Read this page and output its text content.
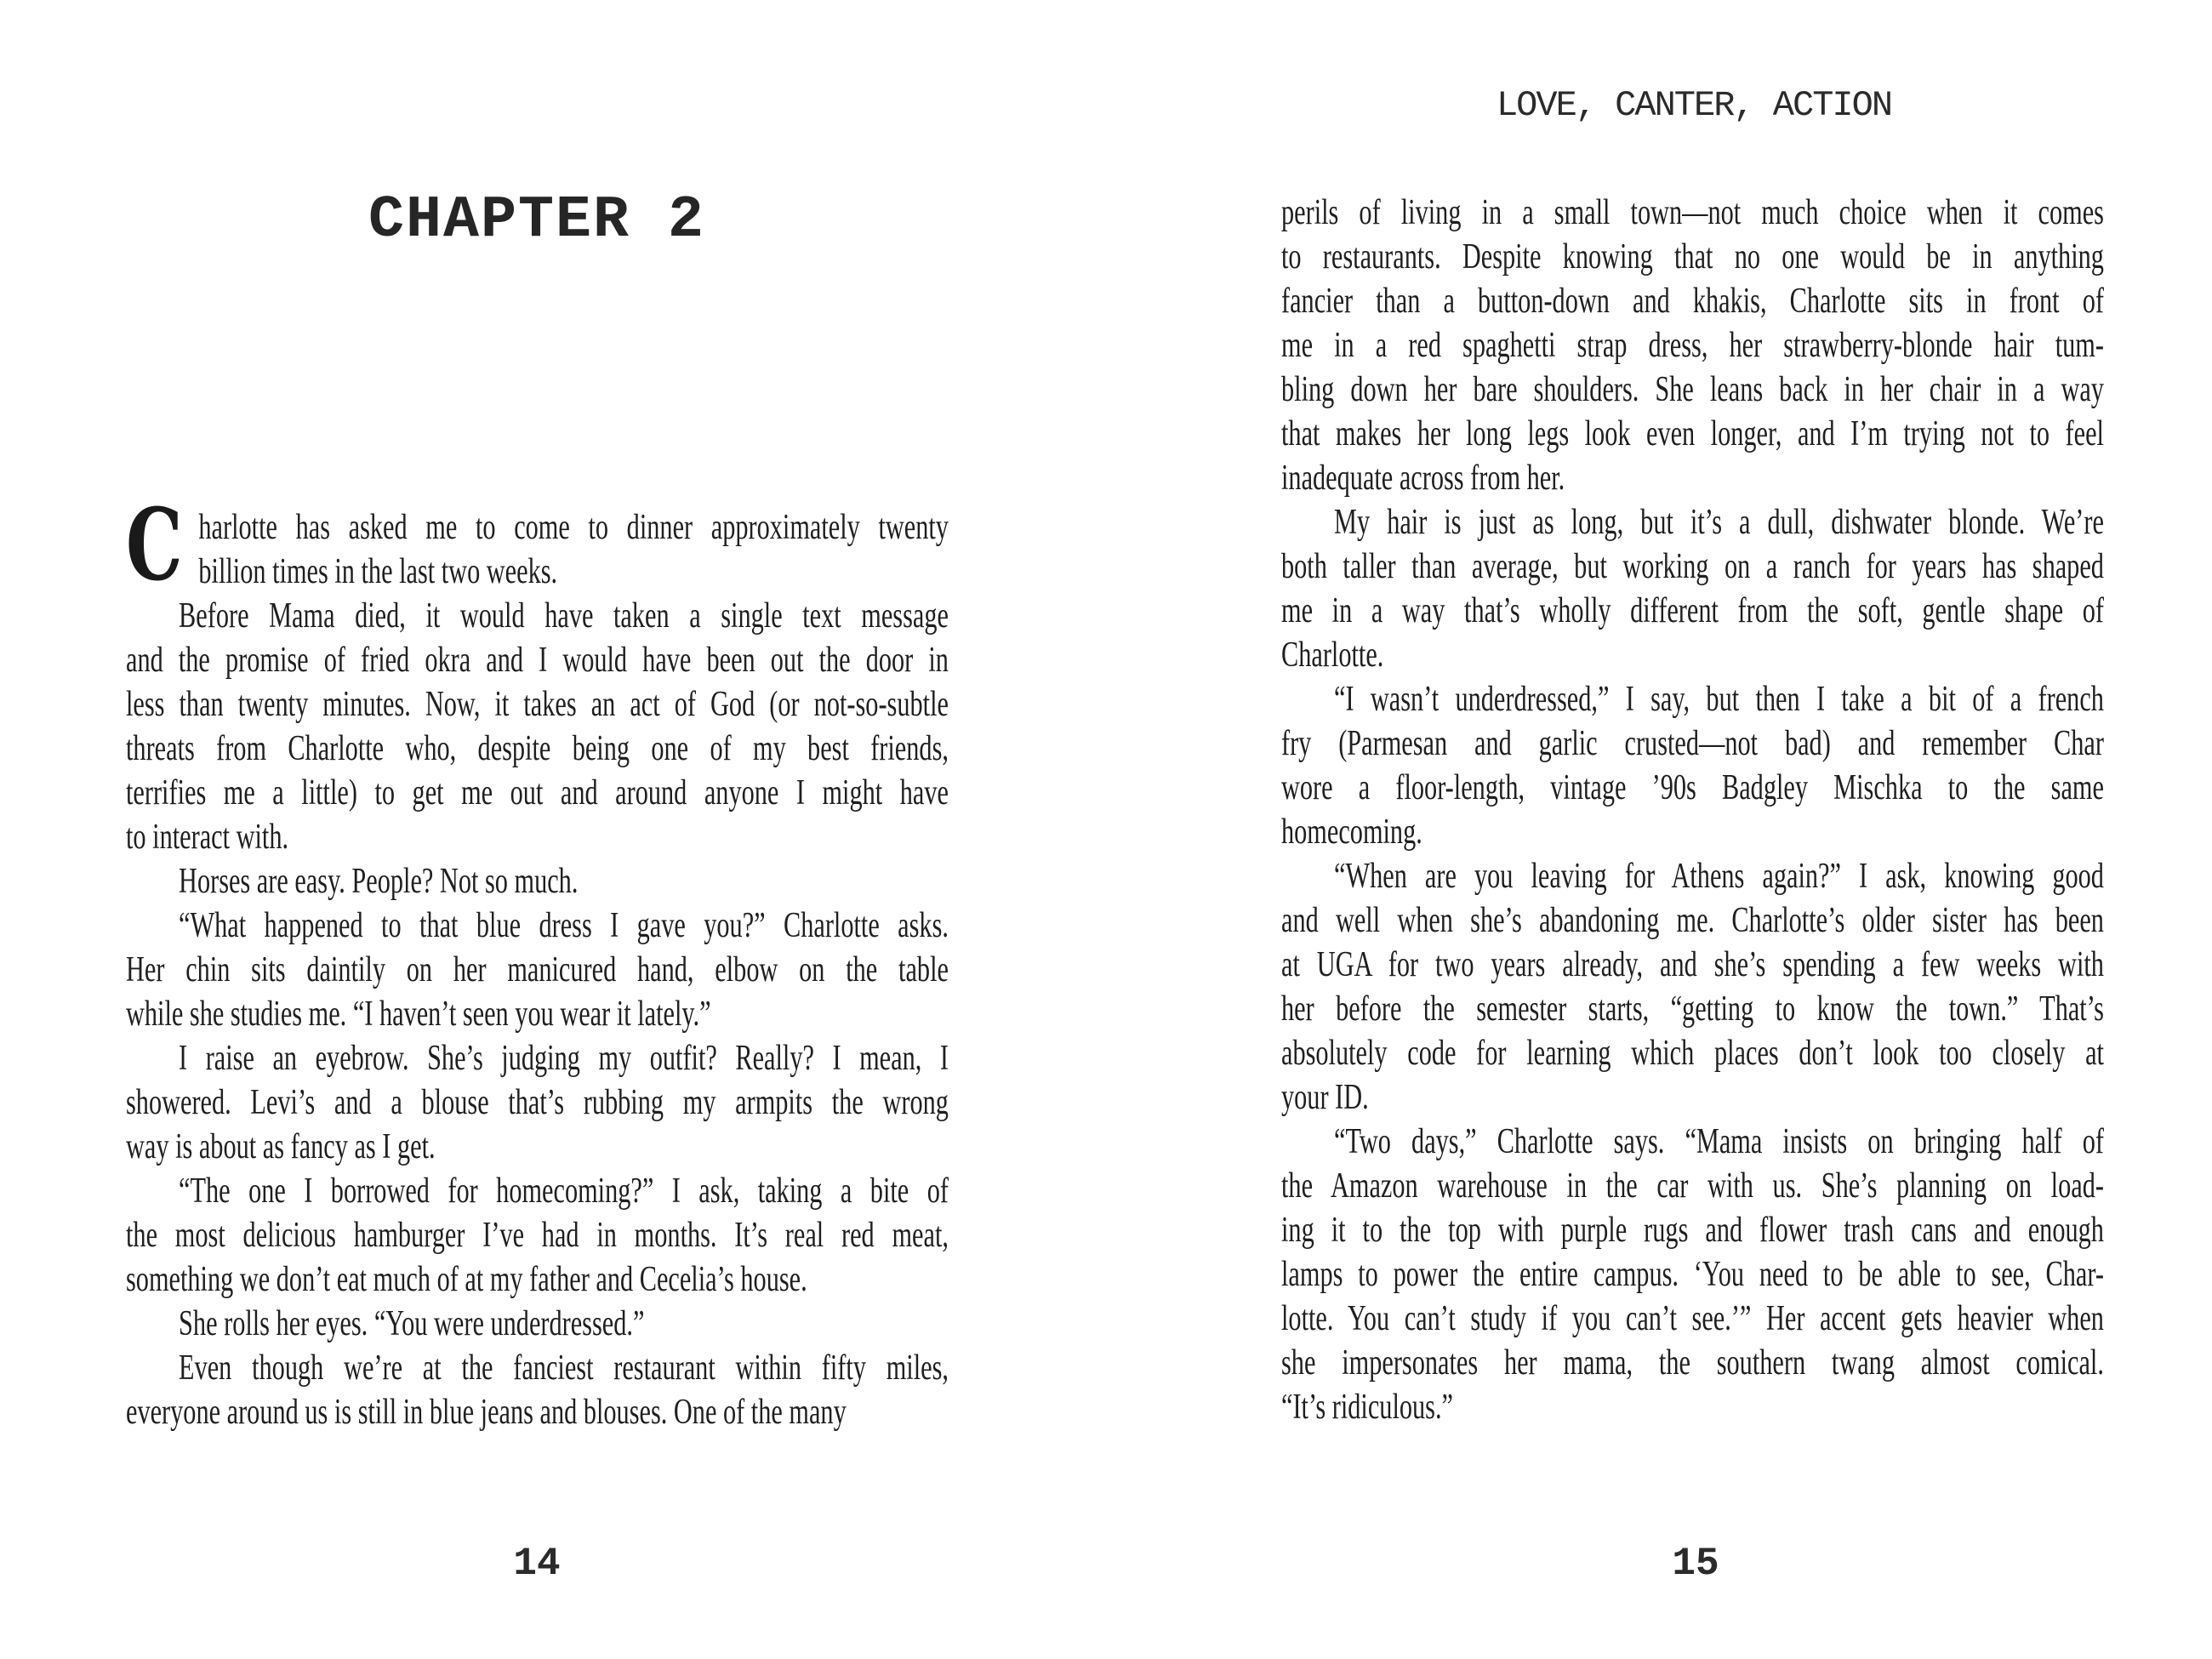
LOVE, CANTER, ACTION
CHAPTER 2
C harlotte has asked me to come to dinner approximately twenty
billion times in the last two weeks.
Before Mama died, it would have taken a single text message
and the promise of fried okra and I would have been out the door in
less than twenty minutes. Now, it takes an act of God (or not-so-subtle
threats from Charlotte who, despite being one of my best friends,
terrifies me a little) to get me out and around anyone I might have
to interact with.
Horses are easy. People? Not so much.
“What happened to that blue dress I gave you?” Charlotte asks.
Her chin sits daintily on her manicured hand, elbow on the table
while she studies me. “I haven’t seen you wear it lately.”
I raise an eyebrow. She’s judging my outfit? Really? I mean, I
showered. Levi’s and a blouse that’s rubbing my armpits the wrong
way is about as fancy as I get.
“The one I borrowed for homecoming?” I ask, taking a bite of
the most delicious hamburger I’ve had in months. It’s real red meat,
something we don’t eat much of at my father and Cecelia’s house.
She rolls her eyes. “You were underdressed.”
Even though we’re at the fanciest restaurant within fifty miles,
everyone around us is still in blue jeans and blouses. One of the many
perils of living in a small town—not much choice when it comes
to restaurants. Despite knowing that no one would be in anything
fancier than a button-down and khakis, Charlotte sits in front of
me in a red spaghetti strap dress, her strawberry-blonde hair tum-
bling down her bare shoulders. She leans back in her chair in a way
that makes her long legs look even longer, and I’m trying not to feel
inadequate across from her.
My hair is just as long, but it’s a dull, dishwater blonde. We’re
both taller than average, but working on a ranch for years has shaped
me in a way that’s wholly different from the soft, gentle shape of
Charlotte.
“I wasn’t underdressed,” I say, but then I take a bit of a french
fry (Parmesan and garlic crusted—not bad) and remember Char
wore a floor-length, vintage ’90s Badgley Mischka to the same
homecoming.
“When are you leaving for Athens again?” I ask, knowing good
and well when she’s abandoning me. Charlotte’s older sister has been
at UGA for two years already, and she’s spending a few weeks with
her before the semester starts, “getting to know the town.” That’s
absolutely code for learning which places don’t look too closely at
your ID.
“Two days,” Charlotte says. “Mama insists on bringing half of
the Amazon warehouse in the car with us. She’s planning on load-
ing it to the top with purple rugs and flower trash cans and enough
lamps to power the entire campus. ‘You need to be able to see, Char-
lotte. You can’t study if you can’t see.’” Her accent gets heavier when
she impersonates her mama, the southern twang almost comical.
“It’s ridiculous.”
14	15
